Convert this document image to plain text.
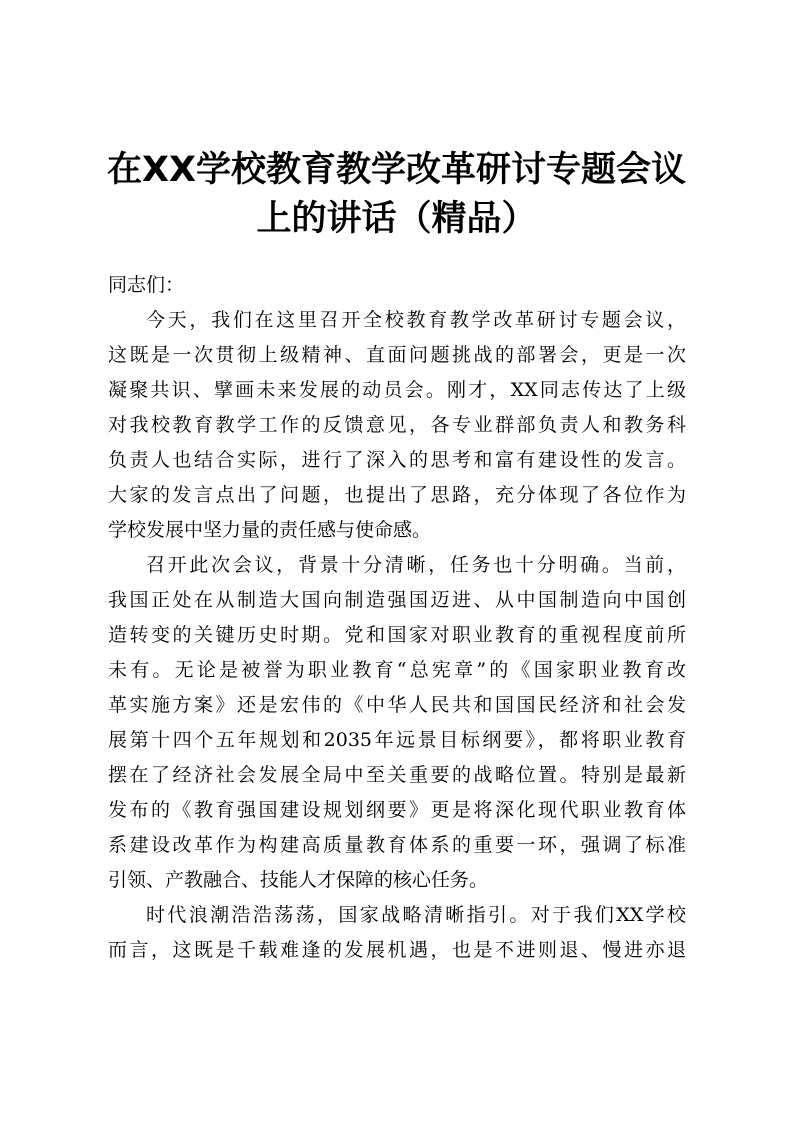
在XX学校教育教学改革研讨专题会议
上的讲话（精品）
同志们：
今天，我们在这里召开全校教育教学改革研讨专题会议，
这既是一次贯彻上级精神、直面问题挑战的部署会，更是一次
凝聚共识、擘画未来发展的动员会。刚才，XX同志传达了上级
对我校教育教学工作的反馈意见，各专业群部负责人和教务科
负责人也结合实际，进行了深入的思考和富有建设性的发言。
大家的发言点出了问题，也提出了思路，充分体现了各位作为
学校发展中坚力量的责任感与使命感。
召开此次会议，背景十分清晰，任务也十分明确。当前，
我国正处在从制造大国向制造强国迈进、从中国制造向中国创
造转变的关键历史时期。党和国家对职业教育的重视程度前所
未有。无论是被誉为职业教育“总宪章”的《国家职业教育改
革实施方案》还是宏伟的《中华人民共和国国民经济和社会发
展第十四个五年规划和2035年远景目标纲要》，都将职业教育
摆在了经济社会发展全局中至关重要的战略位置。特别是最新
发布的《教育强国建设规划纲要》更是将深化现代职业教育体
系建设改革作为构建高质量教育体系的重要一环，强调了标准
引领、产教融合、技能人才保障的核心任务。
时代浪潮浩浩荡荡，国家战略清晰指引。对于我们XX学校
而言，这既是千载难逢的发展机遇，也是不进则退、慢进亦退
